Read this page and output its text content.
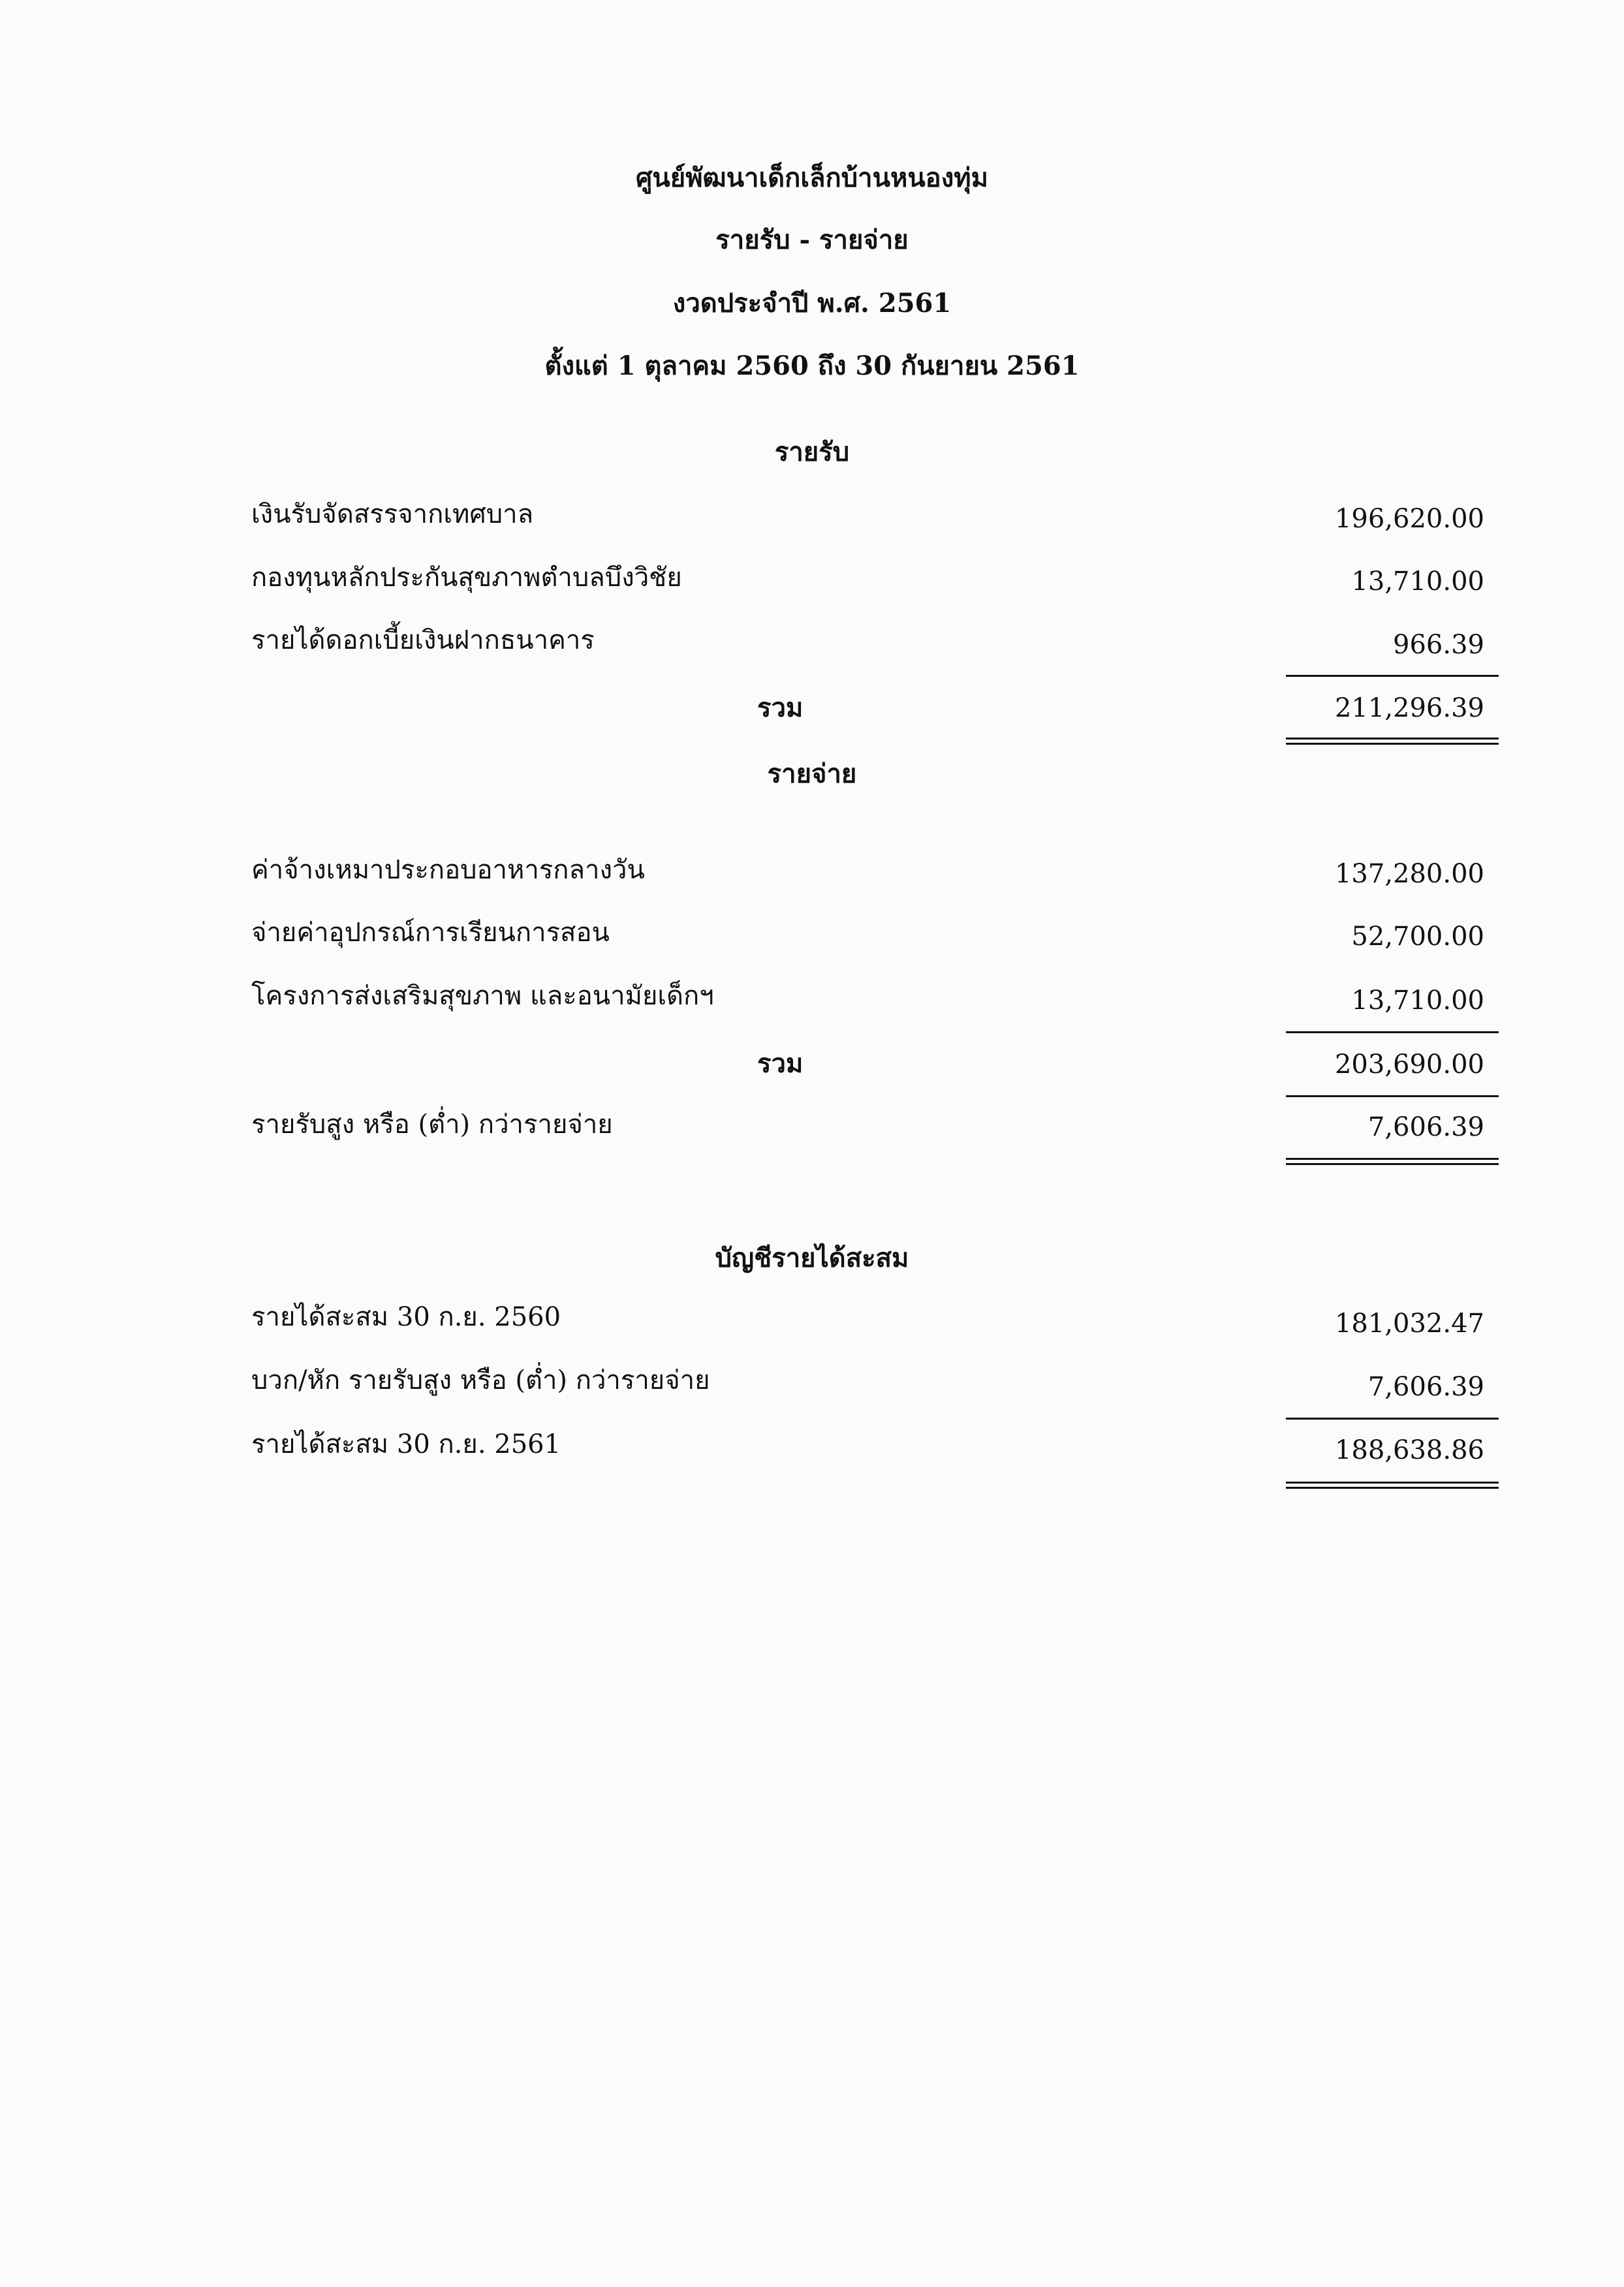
ศูนย์พัฒนาเด็กเล็กบ้านหนองทุ่ม
รายรับ - รายจ่าย
งวดประจำปี พ.ศ. 2561
ตั้งแต่ 1 ตุลาคม 2560 ถึง 30 กันยายน 2561
รายรับ
เงินรับจัดสรรจากเทศบาล	196,620.00
กองทุนหลักประกันสุขภาพตำบลบึงวิชัย	13,710.00
รายได้ดอกเบี้ยเงินฝากธนาคาร	966.39
รวม	211,296.39
รายจ่าย
ค่าจ้างเหมาประกอบอาหารกลางวัน	137,280.00
จ่ายค่าอุปกรณ์การเรียนการสอน	52,700.00
โครงการส่งเสริมสุขภาพ และอนามัยเด็กฯ	13,710.00
รวม	203,690.00
รายรับสูง หรือ (ต่ำ) กว่ารายจ่าย	7,606.39
บัญชีรายได้สะสม
รายได้สะสม 30 ก.ย. 2560	181,032.47
บวก/หัก รายรับสูง หรือ (ต่ำ) กว่ารายจ่าย	7,606.39
รายได้สะสม 30 ก.ย. 2561	188,638.86
